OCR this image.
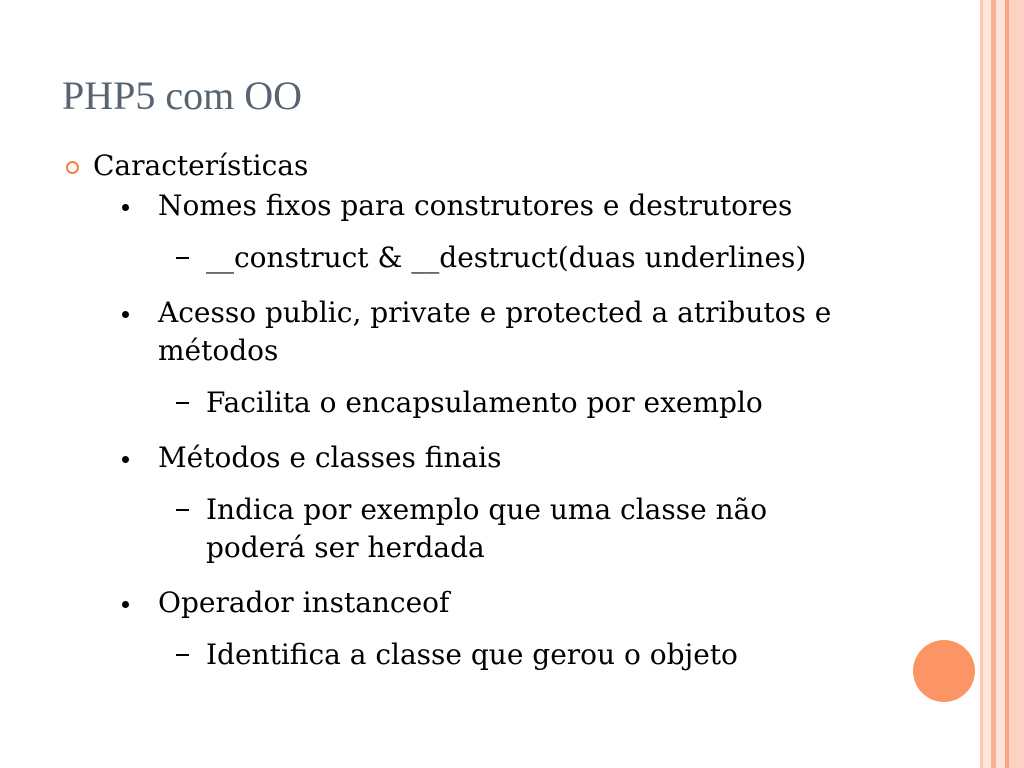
PHP5 com OO
Características
Nomes fixos para construtores e destrutores
__construct & __destruct(duas underlines)
Acesso public, private e protected a atributos e métodos
Facilita o encapsulamento por exemplo
Métodos e classes finais
Indica por exemplo que uma classe não poderá ser herdada
Operador instanceof
Identifica a classe que gerou o objeto
